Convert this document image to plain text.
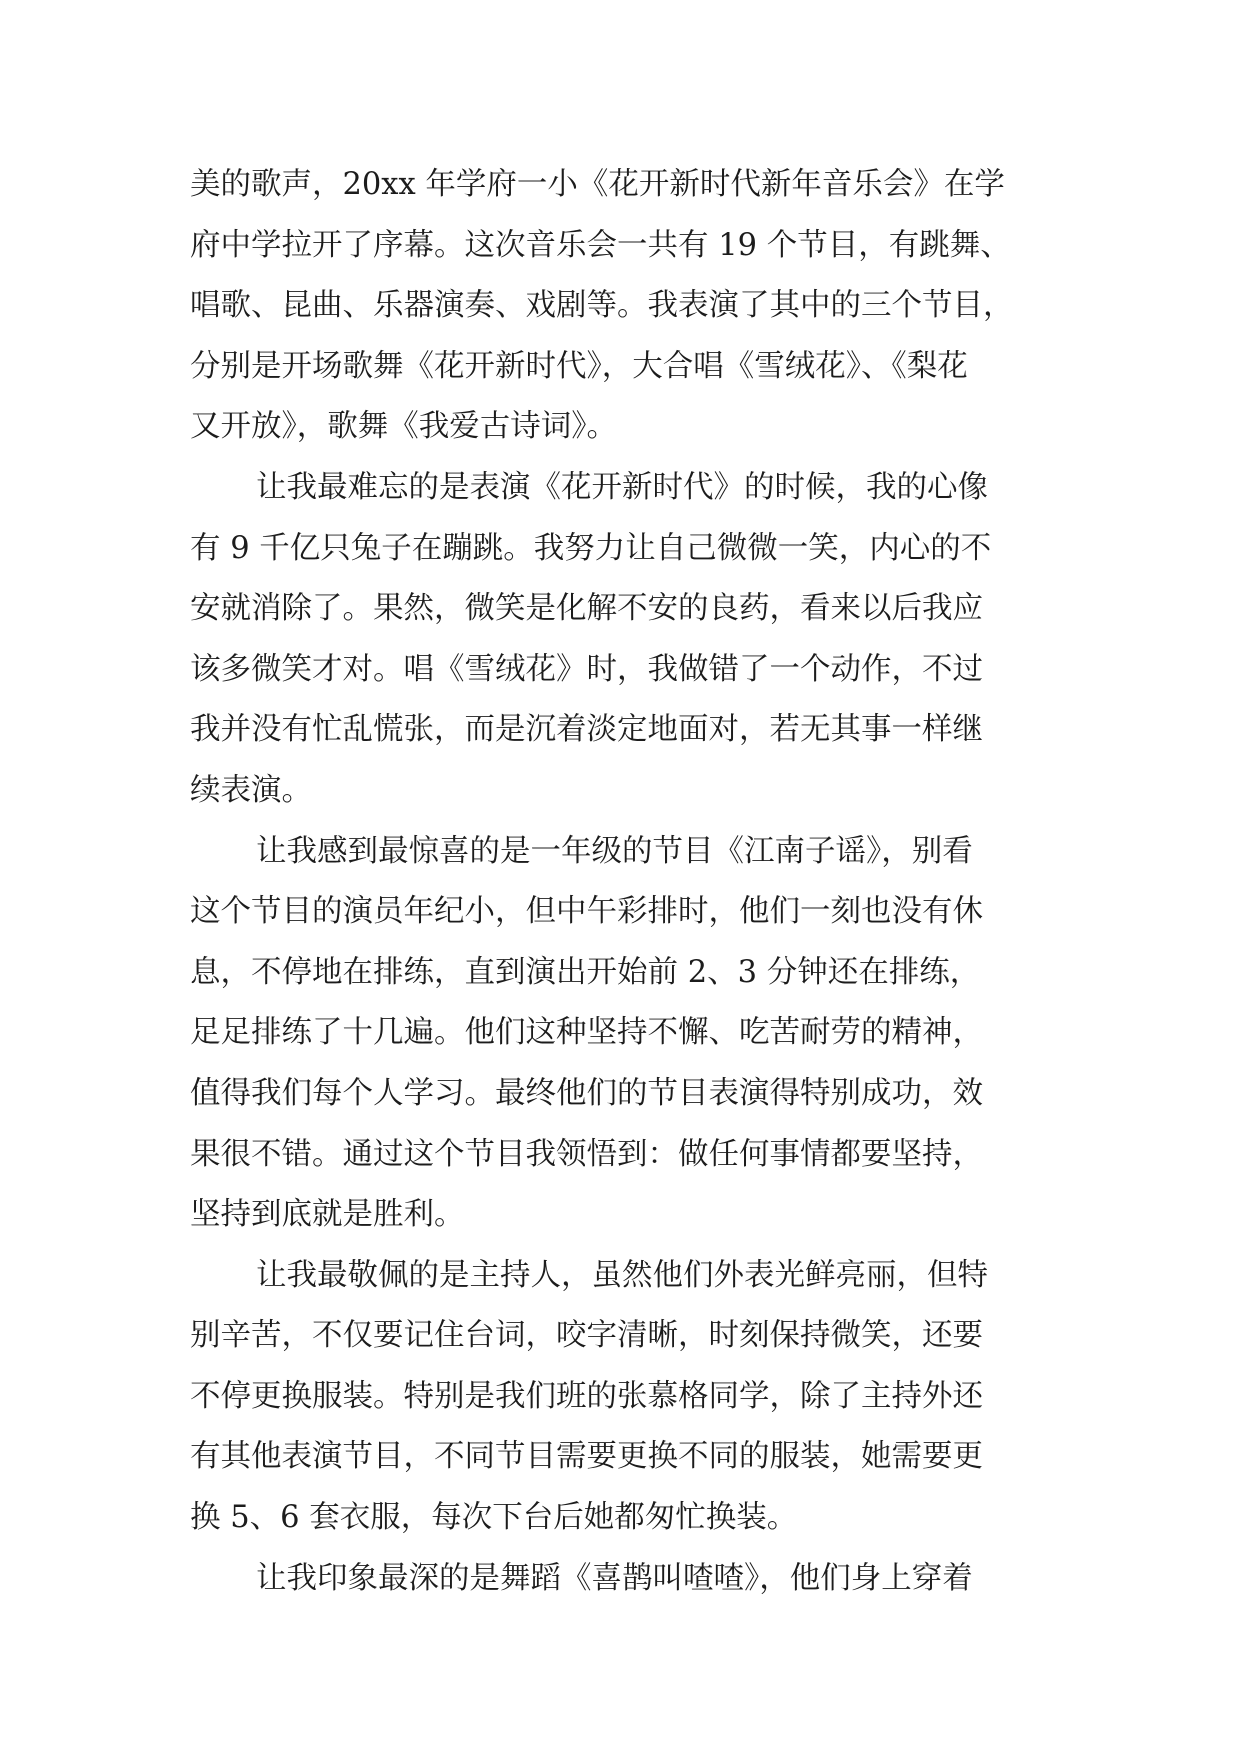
美的歌声，20xx 年学府一小《花开新时代新年音乐会》在学
府中学拉开了序幕。这次音乐会一共有 19 个节目，有跳舞、
唱歌、昆曲、乐器演奏、戏剧等。我表演了其中的三个节目，
分别是开场歌舞《花开新时代》，大合唱《雪绒花》、《梨花
又开放》，歌舞《我爱古诗词》。
让我最难忘的是表演《花开新时代》的时候，我的心像
有 9 千亿只兔子在蹦跳。我努力让自己微微一笑，内心的不
安就消除了。果然，微笑是化解不安的良药，看来以后我应
该多微笑才对。唱《雪绒花》时，我做错了一个动作，不过
我并没有忙乱慌张，而是沉着淡定地面对，若无其事一样继
续表演。
让我感到最惊喜的是一年级的节目《江南子谣》，别看
这个节目的演员年纪小，但中午彩排时，他们一刻也没有休
息，不停地在排练，直到演出开始前 2、3 分钟还在排练，
足足排练了十几遍。他们这种坚持不懈、吃苦耐劳的精神，
值得我们每个人学习。最终他们的节目表演得特别成功，效
果很不错。通过这个节目我领悟到：做任何事情都要坚持，
坚持到底就是胜利。
让我最敬佩的是主持人，虽然他们外表光鲜亮丽，但特
别辛苦，不仅要记住台词，咬字清晰，时刻保持微笑，还要
不停更换服装。特别是我们班的张慕格同学，除了主持外还
有其他表演节目，不同节目需要更换不同的服装，她需要更
换 5、6 套衣服，每次下台后她都匆忙换装。
让我印象最深的是舞蹈《喜鹊叫喳喳》，他们身上穿着
